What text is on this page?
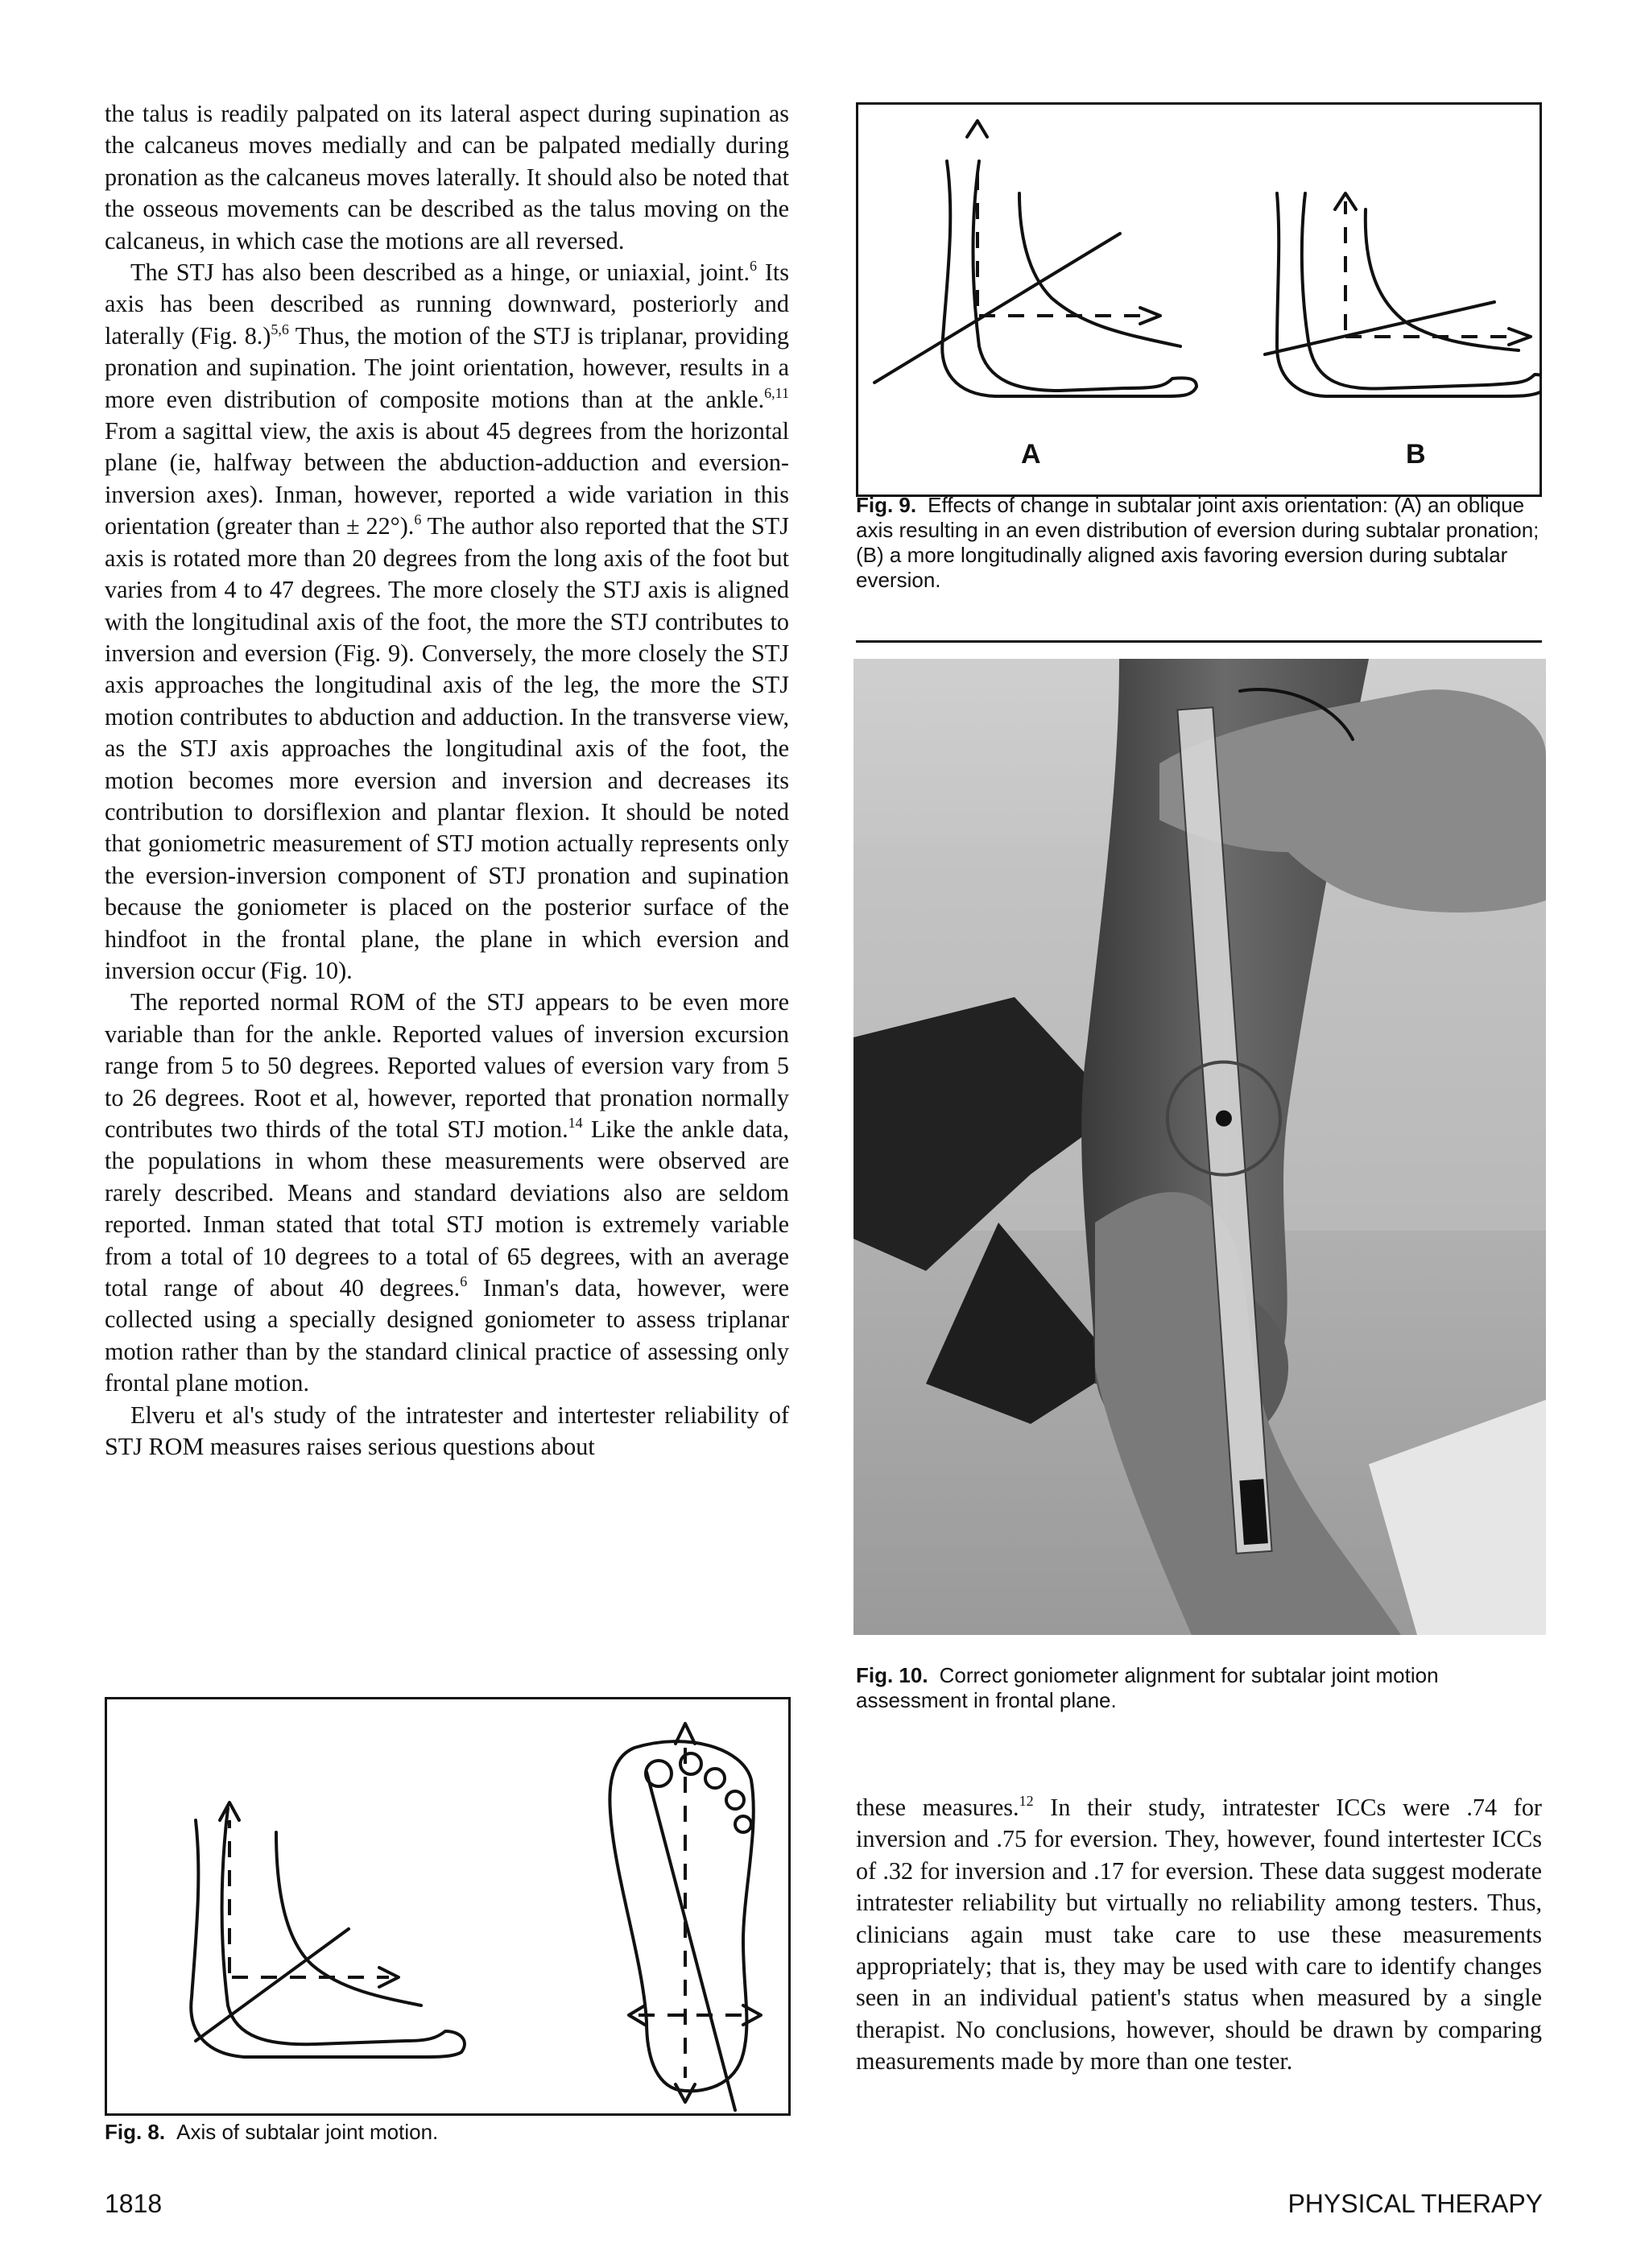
the talus is readily palpated on its lateral aspect during supination as the calcaneus moves medially and can be palpated medially during pronation as the calcaneus moves laterally. It should also be noted that the osseous movements can be described as the talus moving on the calcaneus, in which case the motions are all reversed.

The STJ has also been described as a hinge, or uniaxial, joint.$^6$ Its axis has been described as running downward, posteriorly and laterally (Fig. 8.)$^{5,6}$ Thus, the motion of the STJ is triplanar, providing pronation and supination. The joint orientation, however, results in a more even distribution of composite motions than at the ankle.$^{6,11}$ From a sagittal view, the axis is about 45 degrees from the horizontal plane (ie, halfway between the abduction-adduction and eversion-inversion axes). Inman, however, reported a wide variation in this orientation (greater than ± 22°).$^6$ The author also reported that the STJ axis is rotated more than 20 degrees from the long axis of the foot but varies from 4 to 47 degrees. The more closely the STJ axis is aligned with the longitudinal axis of the foot, the more the STJ contributes to inversion and eversion (Fig. 9). Conversely, the more closely the STJ axis approaches the longitudinal axis of the leg, the more the STJ motion contributes to abduction and adduction. In the transverse view, as the STJ axis approaches the longitudinal axis of the foot, the motion becomes more eversion and inversion and decreases its contribution to dorsiflexion and plantar flexion. It should be noted that goniometric measurement of STJ motion actually represents only the eversion-inversion component of STJ pronation and supination because the goniometer is placed on the posterior surface of the hindfoot in the frontal plane, the plane in which eversion and inversion occur (Fig. 10).

The reported normal ROM of the STJ appears to be even more variable than for the ankle. Reported values of inversion excursion range from 5 to 50 degrees. Reported values of eversion vary from 5 to 26 degrees. Root et al, however, reported that pronation normally contributes two thirds of the total STJ motion.$^{14}$ Like the ankle data, the populations in whom these measurements were observed are rarely described. Means and standard deviations also are seldom reported. Inman stated that total STJ motion is extremely variable from a total of 10 degrees to a total of 65 degrees, with an average total range of about 40 degrees.$^6$ Inman's data, however, were collected using a specially designed goniometer to assess triplanar motion rather than by the standard clinical practice of assessing only frontal plane motion.

Elveru et al's study of the intratester and intertester reliability of STJ ROM measures raises serious questions about

A	B
Fig. 9. Effects of change in subtalar joint axis orientation: (A) an oblique axis resulting in an even distribution of eversion during subtalar pronation; (B) a more longitudinally aligned axis favoring eversion during subtalar eversion.
Fig. 10. Correct goniometer alignment for subtalar joint motion assessment in frontal plane.

these measures.$^{12}$ In their study, intratester ICCs were .74 for inversion and .75 for eversion. They, however, found intertester ICCs of .32 for inversion and .17 for eversion. These data suggest moderate intratester reliability but virtually no reliability among testers. Thus, clinicians again must take care to use these measurements appropriately; that is, they may be used with care to identify changes seen in an individual patient's status when measured by a single therapist. No conclusions, however, should be drawn by comparing measurements made by more than one tester.

Fig. 8. Axis of subtalar joint motion.
1818	PHYSICAL THERAPY
